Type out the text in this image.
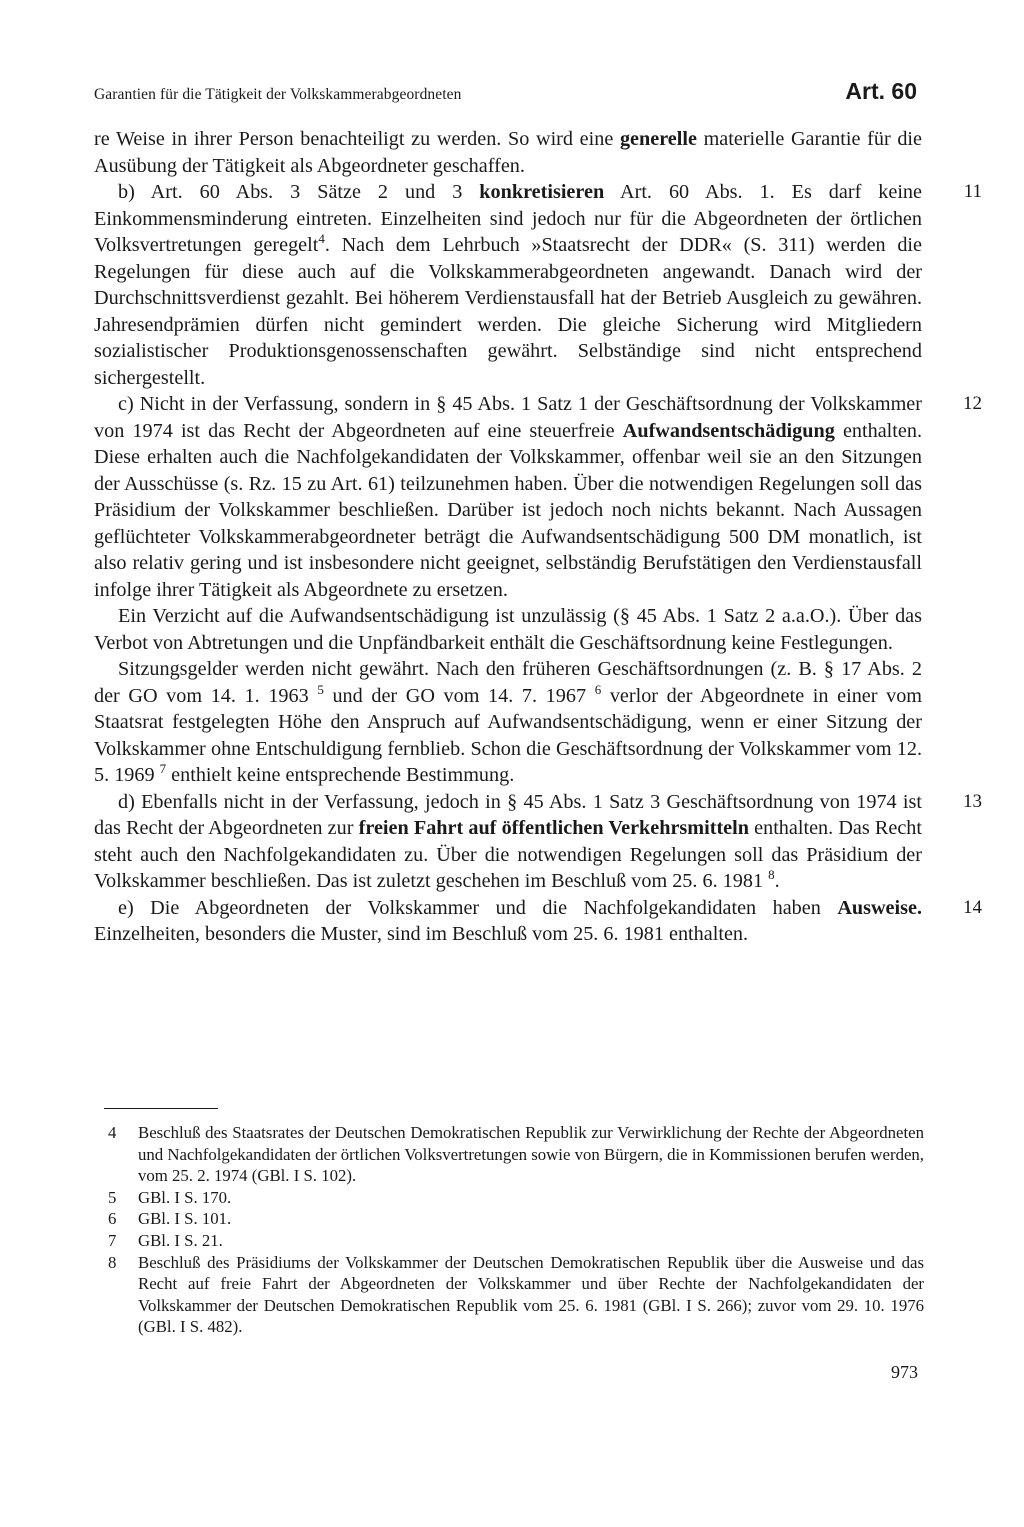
Garantien für die Tätigkeit der Volkskammerabgeordneten	Art. 60

re Weise in ihrer Person benachteiligt zu werden. So wird eine generelle materielle Garantie für die Ausübung der Tätigkeit als Abgeordneter geschaffen.

11
b) Art. 60 Abs. 3 Sätze 2 und 3 konkretisieren Art. 60 Abs. 1. Es darf keine Einkommensminderung eintreten. Einzelheiten sind jedoch nur für die Abgeordneten der örtlichen Volksvertretungen geregelt$^4$. Nach dem Lehrbuch »Staatsrecht der DDR« (S. 311) werden die Regelungen für diese auch auf die Volkskammerabgeordneten angewandt. Danach wird der Durchschnittsverdienst gezahlt. Bei höherem Verdienstausfall hat der Betrieb Ausgleich zu gewähren. Jahresendprämien dürfen nicht gemindert werden. Die gleiche Sicherung wird Mitgliedern sozialistischer Produktionsgenossenschaften gewährt. Selbständige sind nicht entsprechend sichergestellt.

12
c) Nicht in der Verfassung, sondern in § 45 Abs. 1 Satz 1 der Geschäftsordnung der Volkskammer von 1974 ist das Recht der Abgeordneten auf eine steuerfreie Aufwandsentschädigung enthalten. Diese erhalten auch die Nachfolgekandidaten der Volkskammer, offenbar weil sie an den Sitzungen der Ausschüsse (s. Rz. 15 zu Art. 61) teilzunehmen haben. Über die notwendigen Regelungen soll das Präsidium der Volkskammer beschließen. Darüber ist jedoch noch nichts bekannt. Nach Aussagen geflüchteter Volkskammerabgeordneter beträgt die Aufwandsentschädigung 500 DM monatlich, ist also relativ gering und ist insbesondere nicht geeignet, selbständig Berufstätigen den Verdienstausfall infolge ihrer Tätigkeit als Abgeordnete zu ersetzen.

Ein Verzicht auf die Aufwandsentschädigung ist unzulässig (§ 45 Abs. 1 Satz 2 a.a.O.). Über das Verbot von Abtretungen und die Unpfändbarkeit enthält die Geschäftsordnung keine Festlegungen.

Sitzungsgelder werden nicht gewährt. Nach den früheren Geschäftsordnungen (z. B. § 17 Abs. 2 der GO vom 14. 1. 1963 $^5$ und der GO vom 14. 7. 1967 $^6$ verlor der Abgeordnete in einer vom Staatsrat festgelegten Höhe den Anspruch auf Aufwandsentschädigung, wenn er einer Sitzung der Volkskammer ohne Entschuldigung fernblieb. Schon die Geschäftsordnung der Volkskammer vom 12. 5. 1969 $^7$ enthielt keine entsprechende Bestimmung.

13
d) Ebenfalls nicht in der Verfassung, jedoch in § 45 Abs. 1 Satz 3 Geschäftsordnung von 1974 ist das Recht der Abgeordneten zur freien Fahrt auf öffentlichen Verkehrsmitteln enthalten. Das Recht steht auch den Nachfolgekandidaten zu. Über die notwendigen Regelungen soll das Präsidium der Volkskammer beschließen. Das ist zuletzt geschehen im Beschluß vom 25. 6. 1981 $^8$.

14
e) Die Abgeordneten der Volkskammer und die Nachfolgekandidaten haben Ausweise. Einzelheiten, besonders die Muster, sind im Beschluß vom 25. 6. 1981 enthalten.

4	Beschluß des Staatsrates der Deutschen Demokratischen Republik zur Verwirklichung der Rechte der Abgeordneten und Nachfolgekandidaten der örtlichen Volksvertretungen sowie von Bürgern, die in Kommissionen berufen werden, vom 25. 2. 1974 (GBl. I S. 102).
5	GBl. I S. 170.
6	GBl. I S. 101.
7	GBl. I S. 21.
8	Beschluß des Präsidiums der Volkskammer der Deutschen Demokratischen Republik über die Ausweise und das Recht auf freie Fahrt der Abgeordneten der Volkskammer und über Rechte der Nachfolgekandidaten der Volkskammer der Deutschen Demokratischen Republik vom 25. 6. 1981 (GBl. I S. 266); zuvor vom 29. 10. 1976 (GBl. I S. 482).
973
